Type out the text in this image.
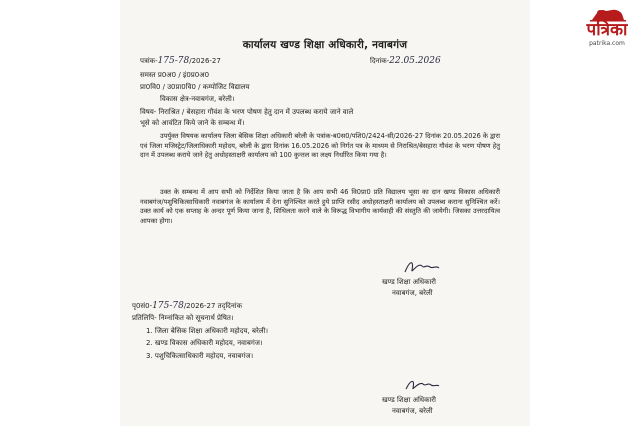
कार्यालय खण्ड शिक्षा अधिकारी, नवाबगंज
पत्रांक-175-78/2026-27	दिनांक-22.05.2026
समस्त प्र0अ0 / इं0प्र0अ0
प्रा0वि0 / उ0प्रा0वि0 / कम्पोजिट विद्यालय
विकास क्षेत्र-नवाबगंज, बरेली।
विषय- निराश्रित / बेसहारा गौवंश के भरण पोषण हेतु दान में उपलब्ध कराये जाने वाले
भूसे को आवंटित किये जाने के सम्बन्ध में।
उपर्युक्त विषयक कार्यालय जिला बेसिक शिक्षा अधिकारी बरेली के पत्रांक-ब0स0/पशि0/2424-सी/2026-27 दिनांक 20.05.2026 के द्वारा एवं जिला मजिस्ट्रेट/जिलाधिकारी महोदय, बरेली के द्वारा दिनांक 16.05.2026 को निर्गत पत्र के माध्यम से निराश्रित/बेसहारा गौवंश के भरण पोषण हेतु दान में उपलब्ध कराये जाने हेतु अधोहस्ताक्षरी कार्यालय को 100 कुन्तल का लक्ष्य निर्धारित किया गया है।
उक्त के सम्बन्ध में आप सभी को निर्देशित किया जाता है कि आप सभी 46 वि0प्रा0 प्रति विद्यालय भूसा का दान खण्ड विकास अधिकारी नवाबगंज/पशुचिकित्साधिकारी नवाबगंज के कार्यालय में देना सुनिश्चित करते हुये प्राप्ति रसीद अधोहस्ताक्षरी कार्यालय को उपलब्ध कराना सुनिश्चित करें। उक्त कार्य को एक सप्ताह के अन्दर पूर्ण किया जाना है, शिथिलता करने वाले के विरूद्ध विभागीय कार्यवाही की संस्तुति की जायेगी। जिसका उत्तरदायित्व आपका होगा।
खण्ड शिक्षा अधिकारी
नवाबगंज, बरेली
पृ0सं0-175-78/2026-27 तद्‌दिनांक
प्रतिलिपि- निम्नांकित को सूचनार्थ प्रेषित।
1. जिला बेसिक शिक्षा अधिकारी महोदय, बरेली।
2. खण्ड विकास अधिकारी महोदय, नवाबगंज।
3. पशुचिकित्साधिकारी महोदय, नवाबगंज।
खण्ड शिक्षा अधिकारी
नवाबगंज, बरेली
पत्रिका
patrika.com
